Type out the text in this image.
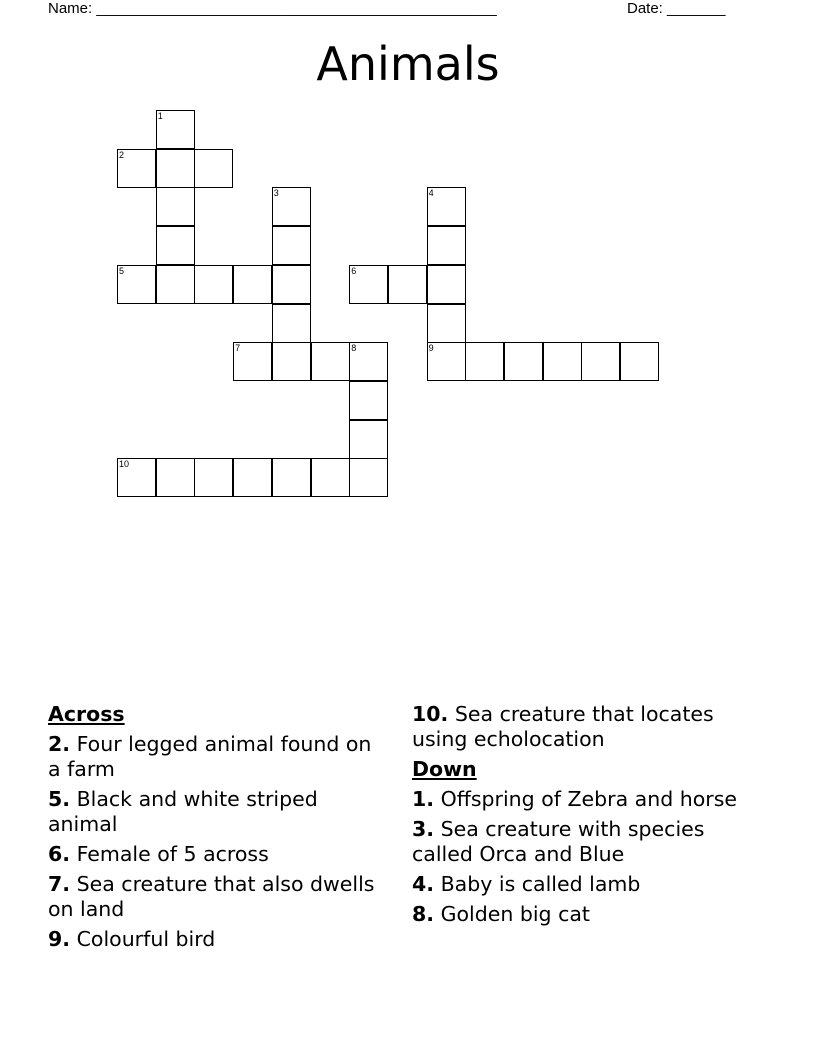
Name: ________________________________________________	Date: _______
Animals
1
2
3	4
5	6
7	8	9
10
Across
2. Four legged animal found on a farm
5. Black and white striped animal
6. Female of 5 across
7. Sea creature that also dwells on land
9. Colourful bird
10. Sea creature that locates using echolocation
Down
1. Offspring of Zebra and horse
3. Sea creature with species called Orca and Blue
4. Baby is called lamb
8. Golden big cat
